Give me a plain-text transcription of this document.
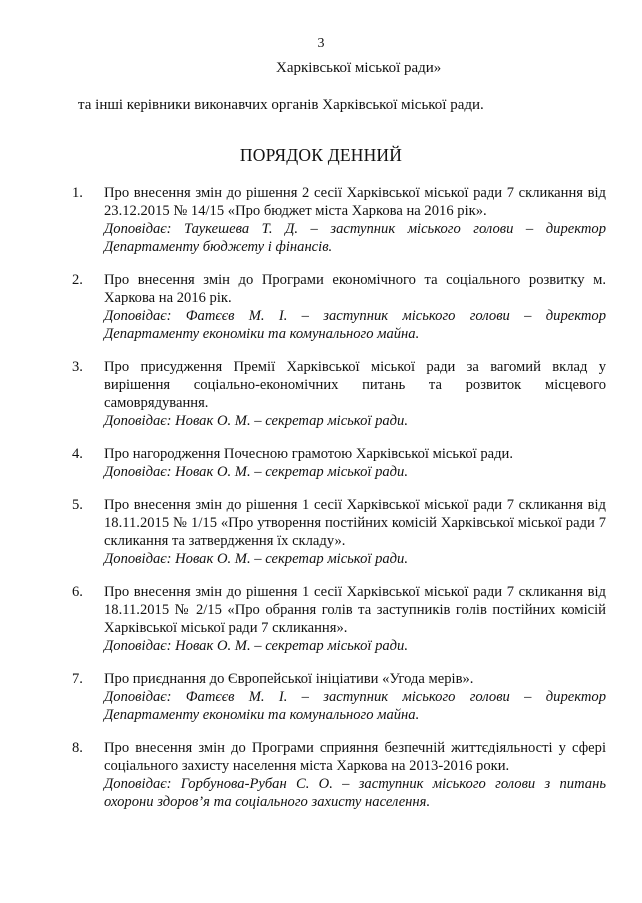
3
Харківської міської ради»
та інші керівники виконавчих органів Харківської міської ради.
ПОРЯДОК ДЕННИЙ
1.	Про внесення змін до рішення 2 сесії Харківської міської ради 7 скликання від 23.12.2015 № 14/15 «Про бюджет міста Харкова на 2016 рік».
Доповідає: Таукешева Т. Д. – заступник міського голови – директор Департаменту бюджету і фінансів.
2.	Про внесення змін до Програми економічного та соціального розвитку м. Харкова на 2016 рік.
Доповідає: Фатєєв М. І. – заступник міського голови – директор Департаменту економіки та комунального майна.
3.	Про присудження Премії Харківської міської ради за вагомий вклад у вирішення соціально-економічних питань та розвиток місцевого самоврядування.
Доповідає: Новак О. М. – секретар міської ради.
4.	Про нагородження Почесною грамотою Харківської міської ради.
Доповідає: Новак О. М. – секретар міської ради.
5.	Про внесення змін до рішення 1 сесії Харківської міської ради 7 скликання від 18.11.2015 № 1/15 «Про утворення постійних комісій Харківської міської ради 7 скликання та затвердження їх складу».
Доповідає: Новак О. М. – секретар міської ради.
6.	Про внесення змін до рішення 1 сесії Харківської міської ради 7 скликання від 18.11.2015 № 2/15 «Про обрання голів та заступників голів постійних комісій Харківської міської ради 7 скликання».
Доповідає: Новак О. М. – секретар міської ради.
7.	Про приєднання до Європейської ініціативи «Угода мерів».
Доповідає: Фатєєв М. І. – заступник міського голови – директор Департаменту економіки та комунального майна.
8.	Про внесення змін до Програми сприяння безпечній життєдіяльності у сфері соціального захисту населення міста Харкова на 2013-2016 роки.
Доповідає: Горбунова-Рубан С. О. – заступник міського голови з питань охорони здоров’я та соціального захисту населення.
